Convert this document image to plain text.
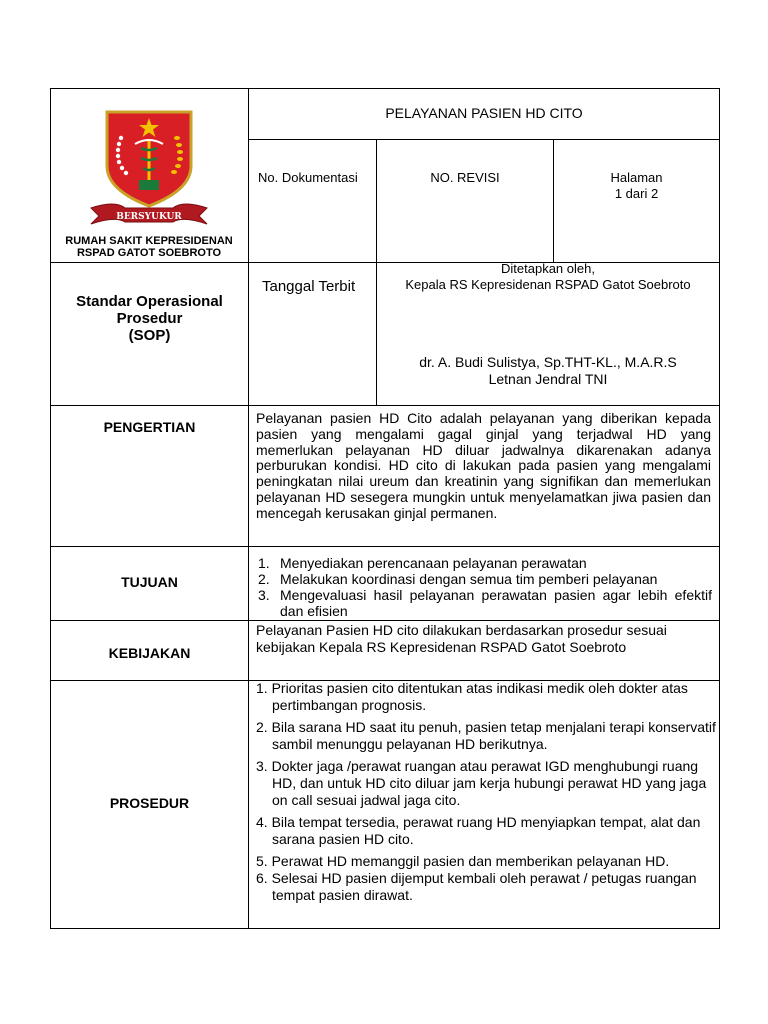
BERSYUKUR
RUMAH SAKIT KEPRESIDENAN
RSPAD GATOT SOEBROTO
PELAYANAN PASIEN HD CITO
No. Dokumentasi	NO. REVISI	Halaman
1 dari 2
Standar Operasional
Prosedur
(SOP)
Tanggal Terbit
Ditetapkan oleh,
Kepala RS Kepresidenan RSPAD Gatot Soebroto
dr. A. Budi Sulistya, Sp.THT-KL., M.A.R.S
Letnan Jendral TNI
PENGERTIAN
Pelayanan pasien HD Cito adalah pelayanan yang diberikan kepada pasien yang mengalami gagal ginjal yang terjadwal HD yang memerlukan pelayanan HD diluar jadwalnya dikarenakan adanya perburukan kondisi. HD cito di lakukan pada pasien yang mengalami peningkatan nilai ureum dan kreatinin yang signifikan dan memerlukan pelayanan HD sesegera mungkin untuk menyelamatkan jiwa pasien dan mencegah kerusakan ginjal permanen.
TUJUAN
1. Menyediakan perencanaan pelayanan perawatan
2. Melakukan koordinasi dengan semua tim pemberi pelayanan
3. Mengevaluasi hasil pelayanan perawatan pasien agar lebih efektif dan efisien
KEBIJAKAN
Pelayanan Pasien HD cito dilakukan berdasarkan prosedur sesuai kebijakan Kepala RS Kepresidenan RSPAD Gatot Soebroto
PROSEDUR

1. Prioritas pasien cito ditentukan atas indikasi medik oleh dokter atas pertimbangan prognosis.

2. Bila sarana HD saat itu penuh, pasien tetap menjalani terapi konservatif sambil menunggu pelayanan HD berikutnya.

3. Dokter jaga /perawat ruangan atau perawat IGD menghubungi ruang HD, dan untuk HD cito diluar jam kerja hubungi perawat HD yang jaga on call sesuai jadwal jaga cito.

4. Bila tempat tersedia, perawat ruang HD menyiapkan tempat, alat dan sarana pasien HD cito.

5. Perawat HD memanggil pasien dan memberikan pelayanan HD.

6. Selesai HD pasien dijemput kembali oleh perawat / petugas ruangan tempat pasien dirawat.
